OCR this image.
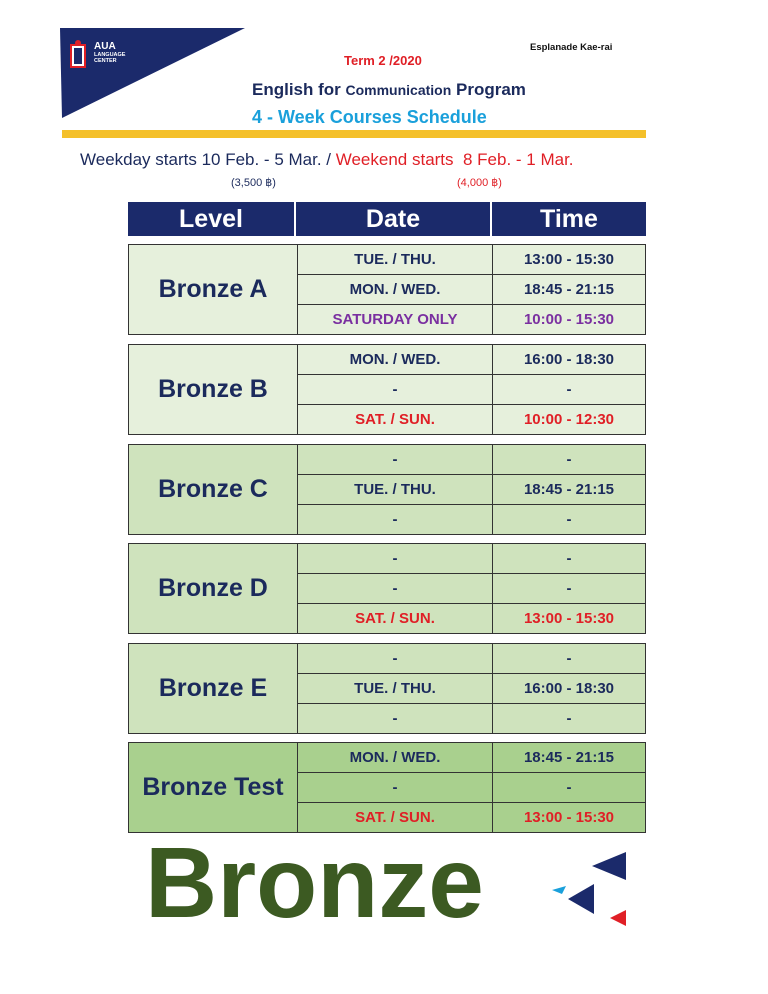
AUA
LANGUAGE
CENTER
Esplanade Kae-rai
Term 2 /2020
English for Communication Program
4 - Week Courses Schedule
Weekday starts 10 Feb. - 5 Mar. / Weekend starts  8 Feb. - 1 Mar.
(3,500 ฿)	(4,000 ฿)
Level	Date	Time
Bronze A
TUE. / THU.	13:00 - 15:30
MON. / WED.	18:45 - 21:15
SATURDAY ONLY	10:00 - 15:30
Bronze B
MON. / WED.	16:00 - 18:30
-	-
SAT. / SUN.	10:00 - 12:30
Bronze C
-	-
TUE. / THU.	18:45 - 21:15
-	-
Bronze D
-	-
-	-
SAT. / SUN.	13:00 - 15:30
Bronze E
-	-
TUE. / THU.	16:00 - 18:30
-	-
Bronze Test
MON. / WED.	18:45 - 21:15
-	-
SAT. / SUN.	13:00 - 15:30
Bronze
